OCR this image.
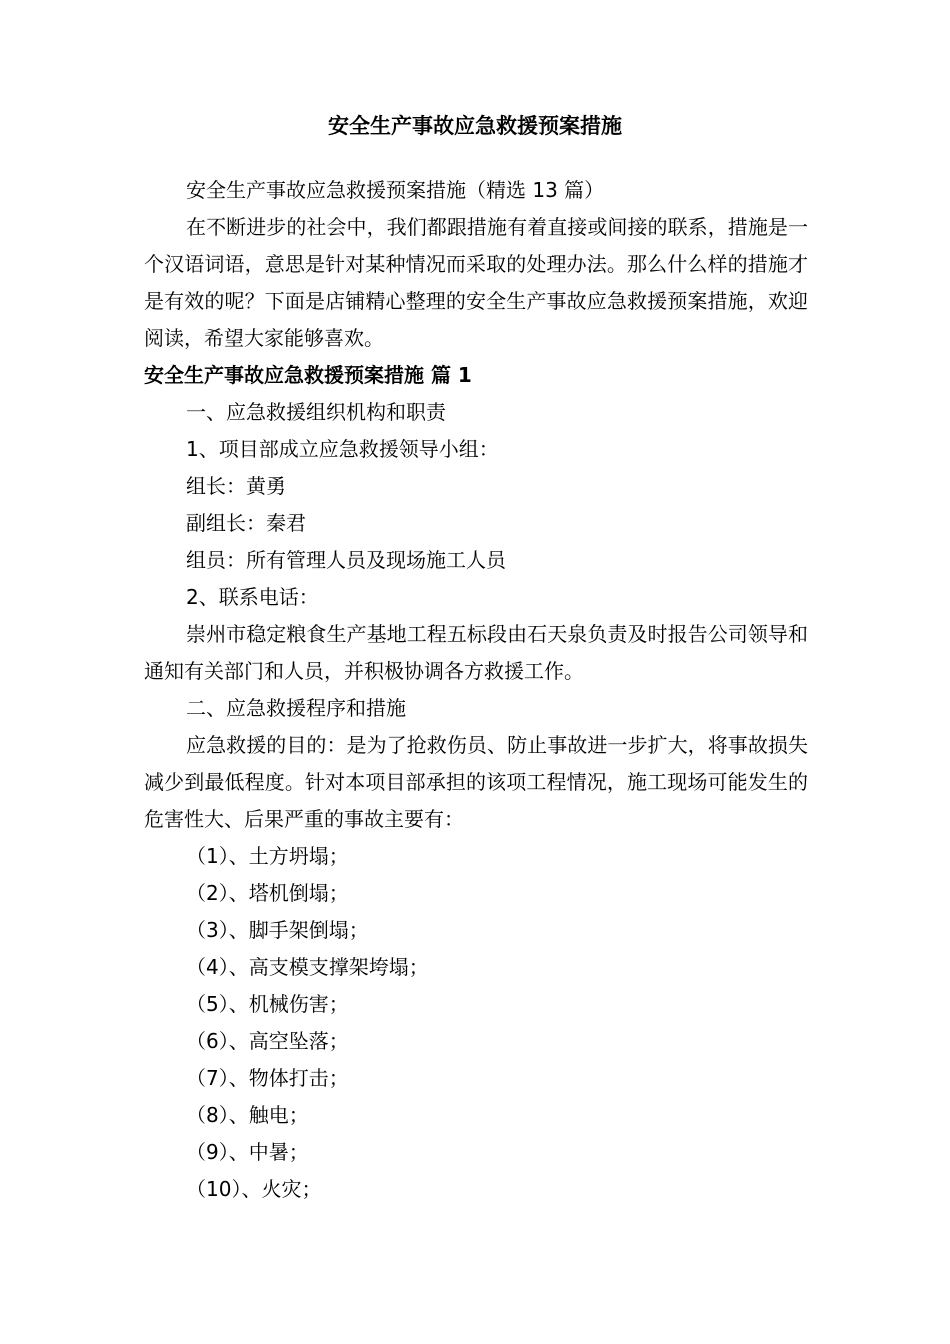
安全生产事故应急救援预案措施

安全生产事故应急救援预案措施（精选 13 篇）

在不断进步的社会中，我们都跟措施有着直接或间接的联系，措施是一个汉语词语，意思是针对某种情况而采取的处理办法。那么什么样的措施才是有效的呢？下面是店铺精心整理的安全生产事故应急救援预案措施，欢迎阅读，希望大家能够喜欢。

安全生产事故应急救援预案措施 篇 1

一、应急救援组织机构和职责

1、项目部成立应急救援领导小组：

组长：黄勇

副组长：秦君

组员：所有管理人员及现场施工人员

2、联系电话：

崇州市稳定粮食生产基地工程五标段由石天泉负责及时报告公司领导和通知有关部门和人员，并积极协调各方救援工作。

二、应急救援程序和措施

应急救援的目的：是为了抢救伤员、防止事故进一步扩大，将事故损失减少到最低程度。针对本项目部承担的该项工程情况，施工现场可能发生的危害性大、后果严重的事故主要有：

（1）、土方坍塌；

（2）、塔机倒塌；

（3）、脚手架倒塌；

（4）、高支模支撑架垮塌；

（5）、机械伤害；

（6）、高空坠落；

（7）、物体打击；

（8）、触电；

（9）、中暑；

（10）、火灾；
